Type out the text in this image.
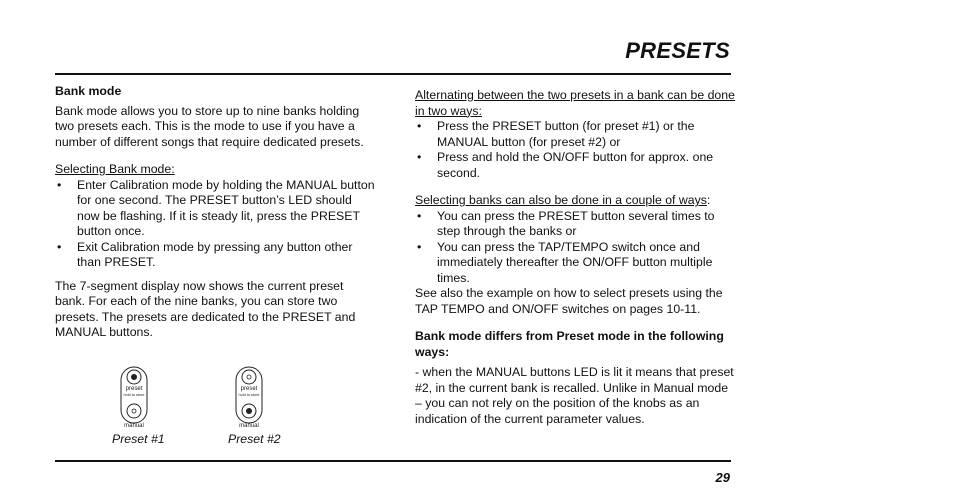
PRESETS

Bank mode

Bank mode allows you to store up to nine banks holding two presets each. This is the mode to use if you have a number of different songs that require dedicated presets.

Selecting Bank mode:

• Enter Calibration mode by holding the MANUAL button for one second. The PRESET button’s LED should now be flashing. If it is steady lit, press the PRESET button once.
• Exit Calibration mode by pressing any button other than PRESET.

The 7-segment display now shows the current preset bank. For each of the nine banks, you can store two presets. The presets are dedicated to the PRESET and MANUAL buttons.

preset
hold to store
manual
Preset #1
preset
hold to store
manual
Preset #2

Alternating between the two presets in a bank can be done in two ways:

• Press the PRESET button (for preset #1) or the MANUAL button (for preset #2) or
• Press and hold the ON/OFF button for approx. one second.

Selecting banks can also be done in a couple of ways:

• You can press the PRESET button several times to step through the banks or
• You can press the TAP/TEMPO switch once and immediately thereafter the ON/OFF button multiple times.

See also the example on how to select presets using the TAP TEMPO and ON/OFF switches on pages 10-11.

Bank mode differs from Preset mode in the following ways:

- when the MANUAL buttons LED is lit it means that preset #2, in the current bank is recalled. Unlike in Manual mode – you can not rely on the position of the knobs as an indication of the current parameter values.

29
